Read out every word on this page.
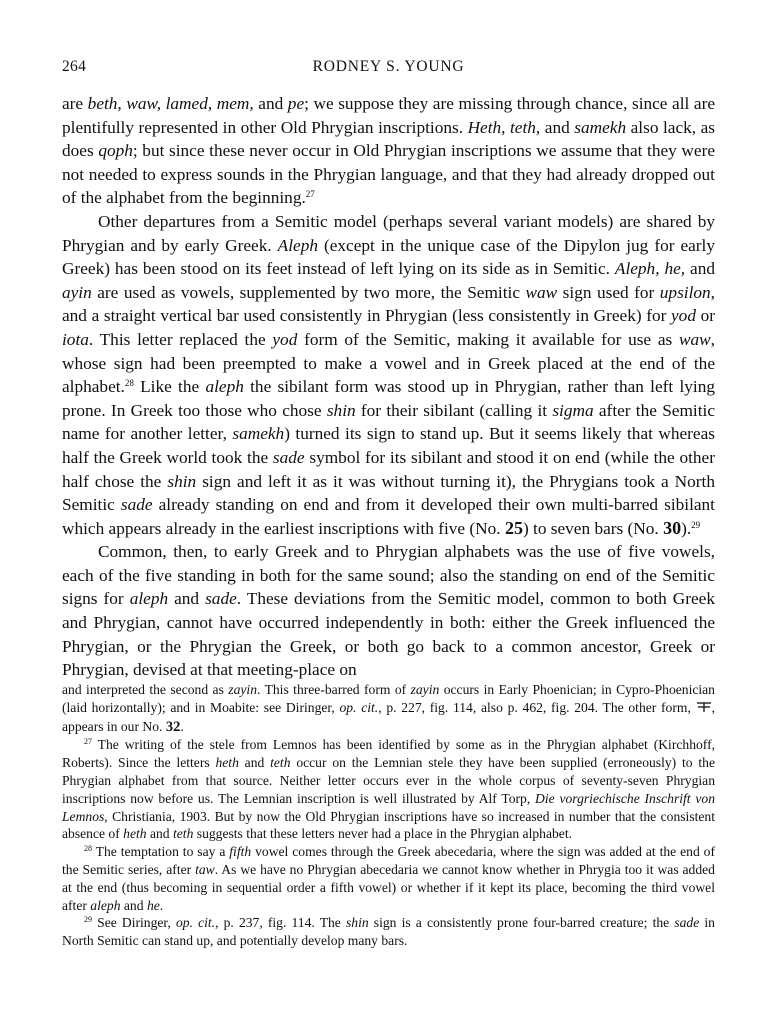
264	RODNEY S. YOUNG

are beth, waw, lamed, mem, and pe; we suppose they are missing through chance, since all are plentifully represented in other Old Phrygian inscriptions. Heth, teth, and samekh also lack, as does qoph; but since these never occur in Old Phrygian inscriptions we assume that they were not needed to express sounds in the Phrygian language, and that they had already dropped out of the alphabet from the beginning.$^{27}$

Other departures from a Semitic model (perhaps several variant models) are shared by Phrygian and by early Greek. Aleph (except in the unique case of the Dipylon jug for early Greek) has been stood on its feet instead of left lying on its side as in Semitic. Aleph, he, and ayin are used as vowels, supplemented by two more, the Semitic waw sign used for upsilon, and a straight vertical bar used consistently in Phrygian (less consistently in Greek) for yod or iota. This letter replaced the yod form of the Semitic, making it available for use as waw, whose sign had been preempted to make a vowel and in Greek placed at the end of the alphabet.$^{28}$ Like the aleph the sibilant form was stood up in Phrygian, rather than left lying prone. In Greek too those who chose shin for their sibilant (calling it sigma after the Semitic name for another letter, samekh) turned its sign to stand up. But it seems likely that whereas half the Greek world took the sade symbol for its sibilant and stood it on end (while the other half chose the shin sign and left it as it was without turning it), the Phrygians took a North Semitic sade already standing on end and from it developed their own multi-barred sibilant which appears already in the earliest inscriptions with five (No. 25) to seven bars (No. 30).$^{29}$

Common, then, to early Greek and to Phrygian alphabets was the use of five vowels, each of the five standing in both for the same sound; also the standing on end of the Semitic signs for aleph and sade. These deviations from the Semitic model, common to both Greek and Phrygian, cannot have occurred independently in both: either the Greek influenced the Phrygian, or the Phrygian the Greek, or both go back to a common ancestor, Greek or Phrygian, devised at that meeting-place on

and interpreted the second as zayin. This three-barred form of zayin occurs in Early Phoenician; in Cypro-Phoenician (laid horizontally); and in Moabite: see Diringer, op. cit., p. 227, fig. 114, also p. 462, fig. 204. The other form, , appears in our No. 32.

$^{27}$ The writing of the stele from Lemnos has been identified by some as in the Phrygian alphabet (Kirchhoff, Roberts). Since the letters heth and teth occur on the Lemnian stele they have been supplied (erroneously) to the Phrygian alphabet from that source. Neither letter occurs ever in the whole corpus of seventy-seven Phrygian inscriptions now before us. The Lemnian inscription is well illustrated by Alf Torp, Die vorgriechische Inschrift von Lemnos, Christiania, 1903. But by now the Old Phrygian inscriptions have so increased in number that the consistent absence of heth and teth suggests that these letters never had a place in the Phrygian alphabet.

$^{28}$ The temptation to say a fifth vowel comes through the Greek abecedaria, where the sign was added at the end of the Semitic series, after taw. As we have no Phrygian abecedaria we cannot know whether in Phrygia too it was added at the end (thus becoming in sequential order a fifth vowel) or whether if it kept its place, becoming the third vowel after aleph and he.

$^{29}$ See Diringer, op. cit., p. 237, fig. 114. The shin sign is a consistently prone four-barred creature; the sade in North Semitic can stand up, and potentially develop many bars.
